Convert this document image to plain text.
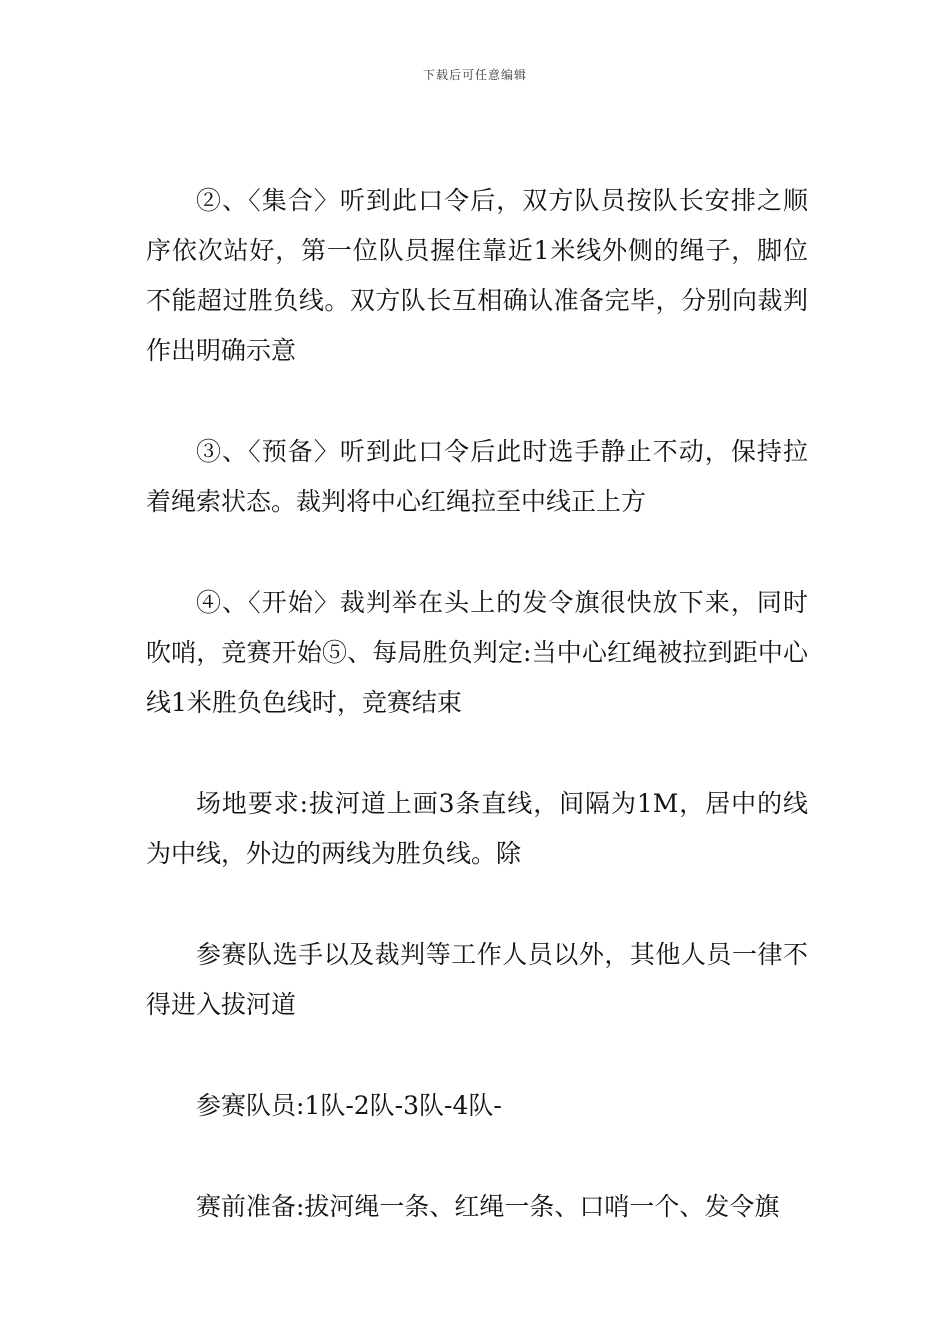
下载后可任意编辑

②、〈集合〉听到此口令后，双方队员按队长安排之顺序依次站好，第一位队员握住靠近1米线外侧的绳子，脚位不能超过胜负线。双方队长互相确认准备完毕，分别向裁判作出明确示意

③、〈预备〉听到此口令后此时选手静止不动，保持拉着绳索状态。裁判将中心红绳拉至中线正上方

④、〈开始〉裁判举在头上的发令旗很快放下来，同时吹哨，竞赛开始⑤、每局胜负判定:当中心红绳被拉到距中心线1米胜负色线时，竞赛结束

场地要求:拔河道上画3条直线，间隔为1M，居中的线为中线，外边的两线为胜负线。除

参赛队选手以及裁判等工作人员以外，其他人员一律不得进入拔河道

参赛队员:1队-2队-3队-4队-

赛前准备:拔河绳一条、红绳一条、口哨一个、发令旗
